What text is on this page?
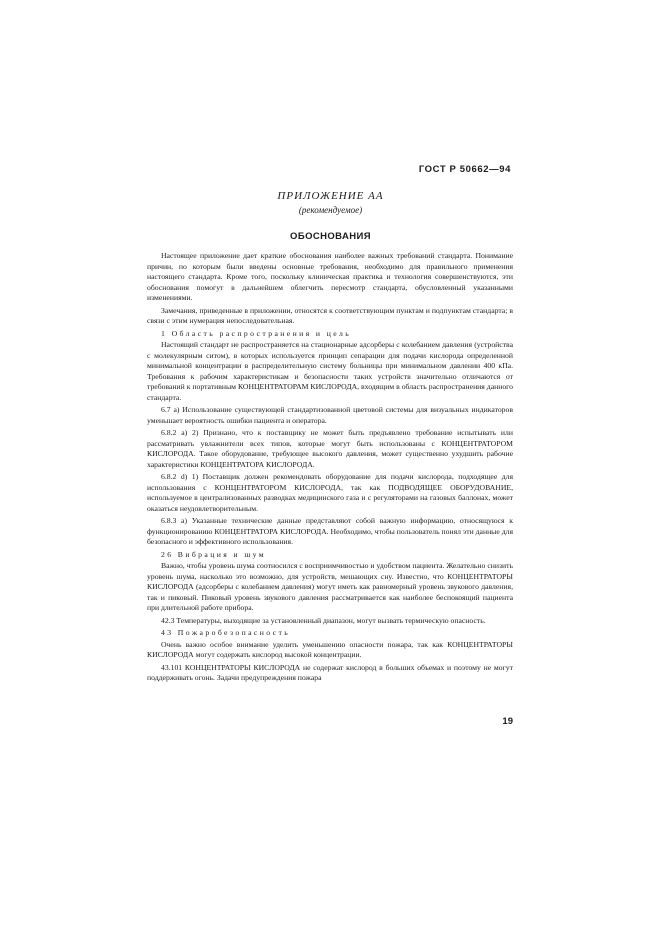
ГОСТ Р 50662—94
ПРИЛОЖЕНИЕ АА
(рекомендуемое)
ОБОСНОВАНИЯ

Настоящее приложение дает краткие обоснования наиболее важных требований стандарта. Понимание причин, по которым были введены основные требования, необходимо для правильного применения настоящего стандарта. Кроме того, поскольку клиническая практика и технология совершенствуются, эти обоснования помогут в дальнейшем облегчить пересмотр стандарта, обусловленный указанными изменениями.

Замечания, приведенные в приложении, относятся к соответствующим пунктам и подпунктам стандарта; в связи с этим нумерация непоследовательная.

1 Область распространения и цель

Настоящий стандарт не распространяется на стационарные адсорберы с колебанием давления (устройства с молекулярным ситом), в которых используется принцип сепарации для подачи кислорода определенной минимальной концентрации в распределительную систему больницы при минимальном давлении 400 кПа. Требования к рабочим характеристикам и безопасности таких устройств значительно отличаются от требований к портативным КОНЦЕНТРАТОРАМ КИСЛОРОДА, входящим в область распространения данного стандарта.

6.7 а) Использование существующей стандартизованной цветовой системы для визуальных индикаторов уменьшает вероятность ошибки пациента и оператора.

6.8.2 а) 2) Признано, что к поставщику не может быть предъявлено требование испытывать или рассматривать увлажнители всех типов, которые могут быть использованы с КОНЦЕНТРАТОРОМ КИСЛОРОДА. Такое оборудование, требующее высокого давления, может существенно ухудшить рабочие характеристики КОНЦЕНТРАТОРА КИСЛОРОДА.

6.8.2 d) 1) Поставщик должен рекомендовать оборудование для подачи кислорода, подходящее для использования с КОНЦЕНТРАТОРОМ КИСЛОРОДА, так как ПОДВОДЯЩЕЕ ОБОРУДОВАНИЕ, используемое в централизованных разводках медицинского газа и с регуляторами на газовых баллонах, может оказаться неудовлетворительным.

6.8.3 а) Указанные технические данные представляют собой важную информацию, относящуюся к функционированию КОНЦЕНТРАТОРА КИСЛОРОДА. Необходимо, чтобы пользователь понял эти данные для безопасного и эффективного использования.

26 Вибрация и шум

Важно, чтобы уровень шума соотносился с восприимчивостью и удобством пациента. Желательно снизить уровень шума, насколько это возможно, для устройств, мешающих сну. Известно, что КОНЦЕНТРАТОРЫ КИСЛОРОДА (адсорберы с колебанием давления) могут иметь как равномерный уровень звукового давления, так и пиковый. Пиковый уровень звукового давления рассматривается как наиболее беспокоящий пациента при длительной работе прибора.

42.3 Температуры, выходящие за установленный диапазон, могут вызвать термическую опасность.

43 Пожаробезопасность

Очень важно особое внимание уделить уменьшению опасности пожара, так как КОНЦЕНТРАТОРЫ КИСЛОРОДА могут содержать кислород высокой концентрации.

43.101 КОНЦЕНТРАТОРЫ КИСЛОРОДА не содержат кислород в больших объемах и поэтому не могут поддерживать огонь. Задачи предупреждения пожара

19
